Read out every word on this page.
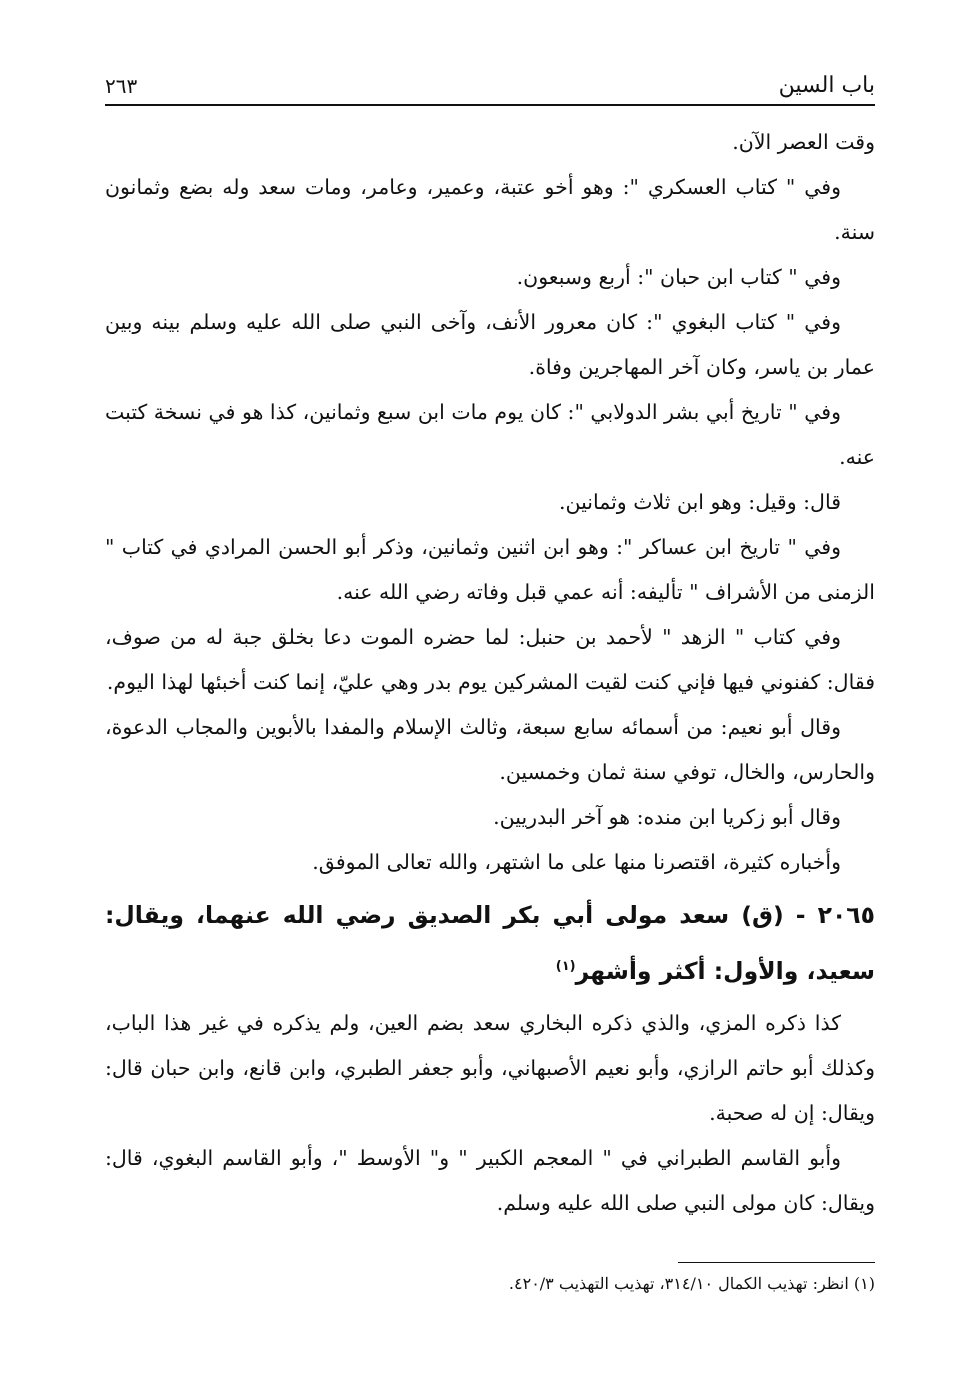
باب السين
٢٦٣

وقت العصر الآن.

وفي " كتاب العسكري ": وهو أخو عتبة، وعمير، وعامر، ومات سعد وله بضع وثمانون سنة.

وفي " كتاب ابن حبان ": أربع وسبعون.

وفي " كتاب البغوي ": كان معرور الأنف، وآخى النبي صلى الله عليه وسلم بينه وبين عمار بن ياسر، وكان آخر المهاجرين وفاة.

وفي " تاريخ أبي بشر الدولابي ": كان يوم مات ابن سبع وثمانين، كذا هو في نسخة كتبت عنه.

قال: وقيل: وهو ابن ثلاث وثمانين.

وفي " تاريخ ابن عساكر ": وهو ابن اثنين وثمانين، وذكر أبو الحسن المرادي في كتاب " الزمنى من الأشراف " تأليفه: أنه عمي قبل وفاته رضي الله عنه.

وفي كتاب " الزهد " لأحمد بن حنبل: لما حضره الموت دعا بخلق جبة له من صوف، فقال: كفنوني فيها فإني كنت لقيت المشركين يوم بدر وهي عليّ، إنما كنت أخبئها لهذا اليوم.

وقال أبو نعيم: من أسمائه سابع سبعة، وثالث الإسلام والمفدا بالأبوين والمجاب الدعوة، والحارس، والخال، توفي سنة ثمان وخمسين.

وقال أبو زكريا ابن منده: هو آخر البدريين.

وأخباره كثيرة، اقتصرنا منها على ما اشتهر، والله تعالى الموفق.

٢٠٦٥ - (ق) سعد مولى أبي بكر الصديق رضي الله عنهما، ويقال: سعيد، والأول: أكثر وأشهر$^{(١)}$

كذا ذكره المزي، والذي ذكره البخاري سعد بضم العين، ولم يذكره في غير هذا الباب، وكذلك أبو حاتم الرازي، وأبو نعيم الأصبهاني، وأبو جعفر الطبري، وابن قانع، وابن حبان قال: ويقال: إن له صحبة.

وأبو القاسم الطبراني في " المعجم الكبير " و" الأوسط "، وأبو القاسم البغوي، قال: ويقال: كان مولى النبي صلى الله عليه وسلم.

(١) انظر: تهذيب الكمال ٣١٤/١٠، تهذيب التهذيب ٤٢٠/٣.
